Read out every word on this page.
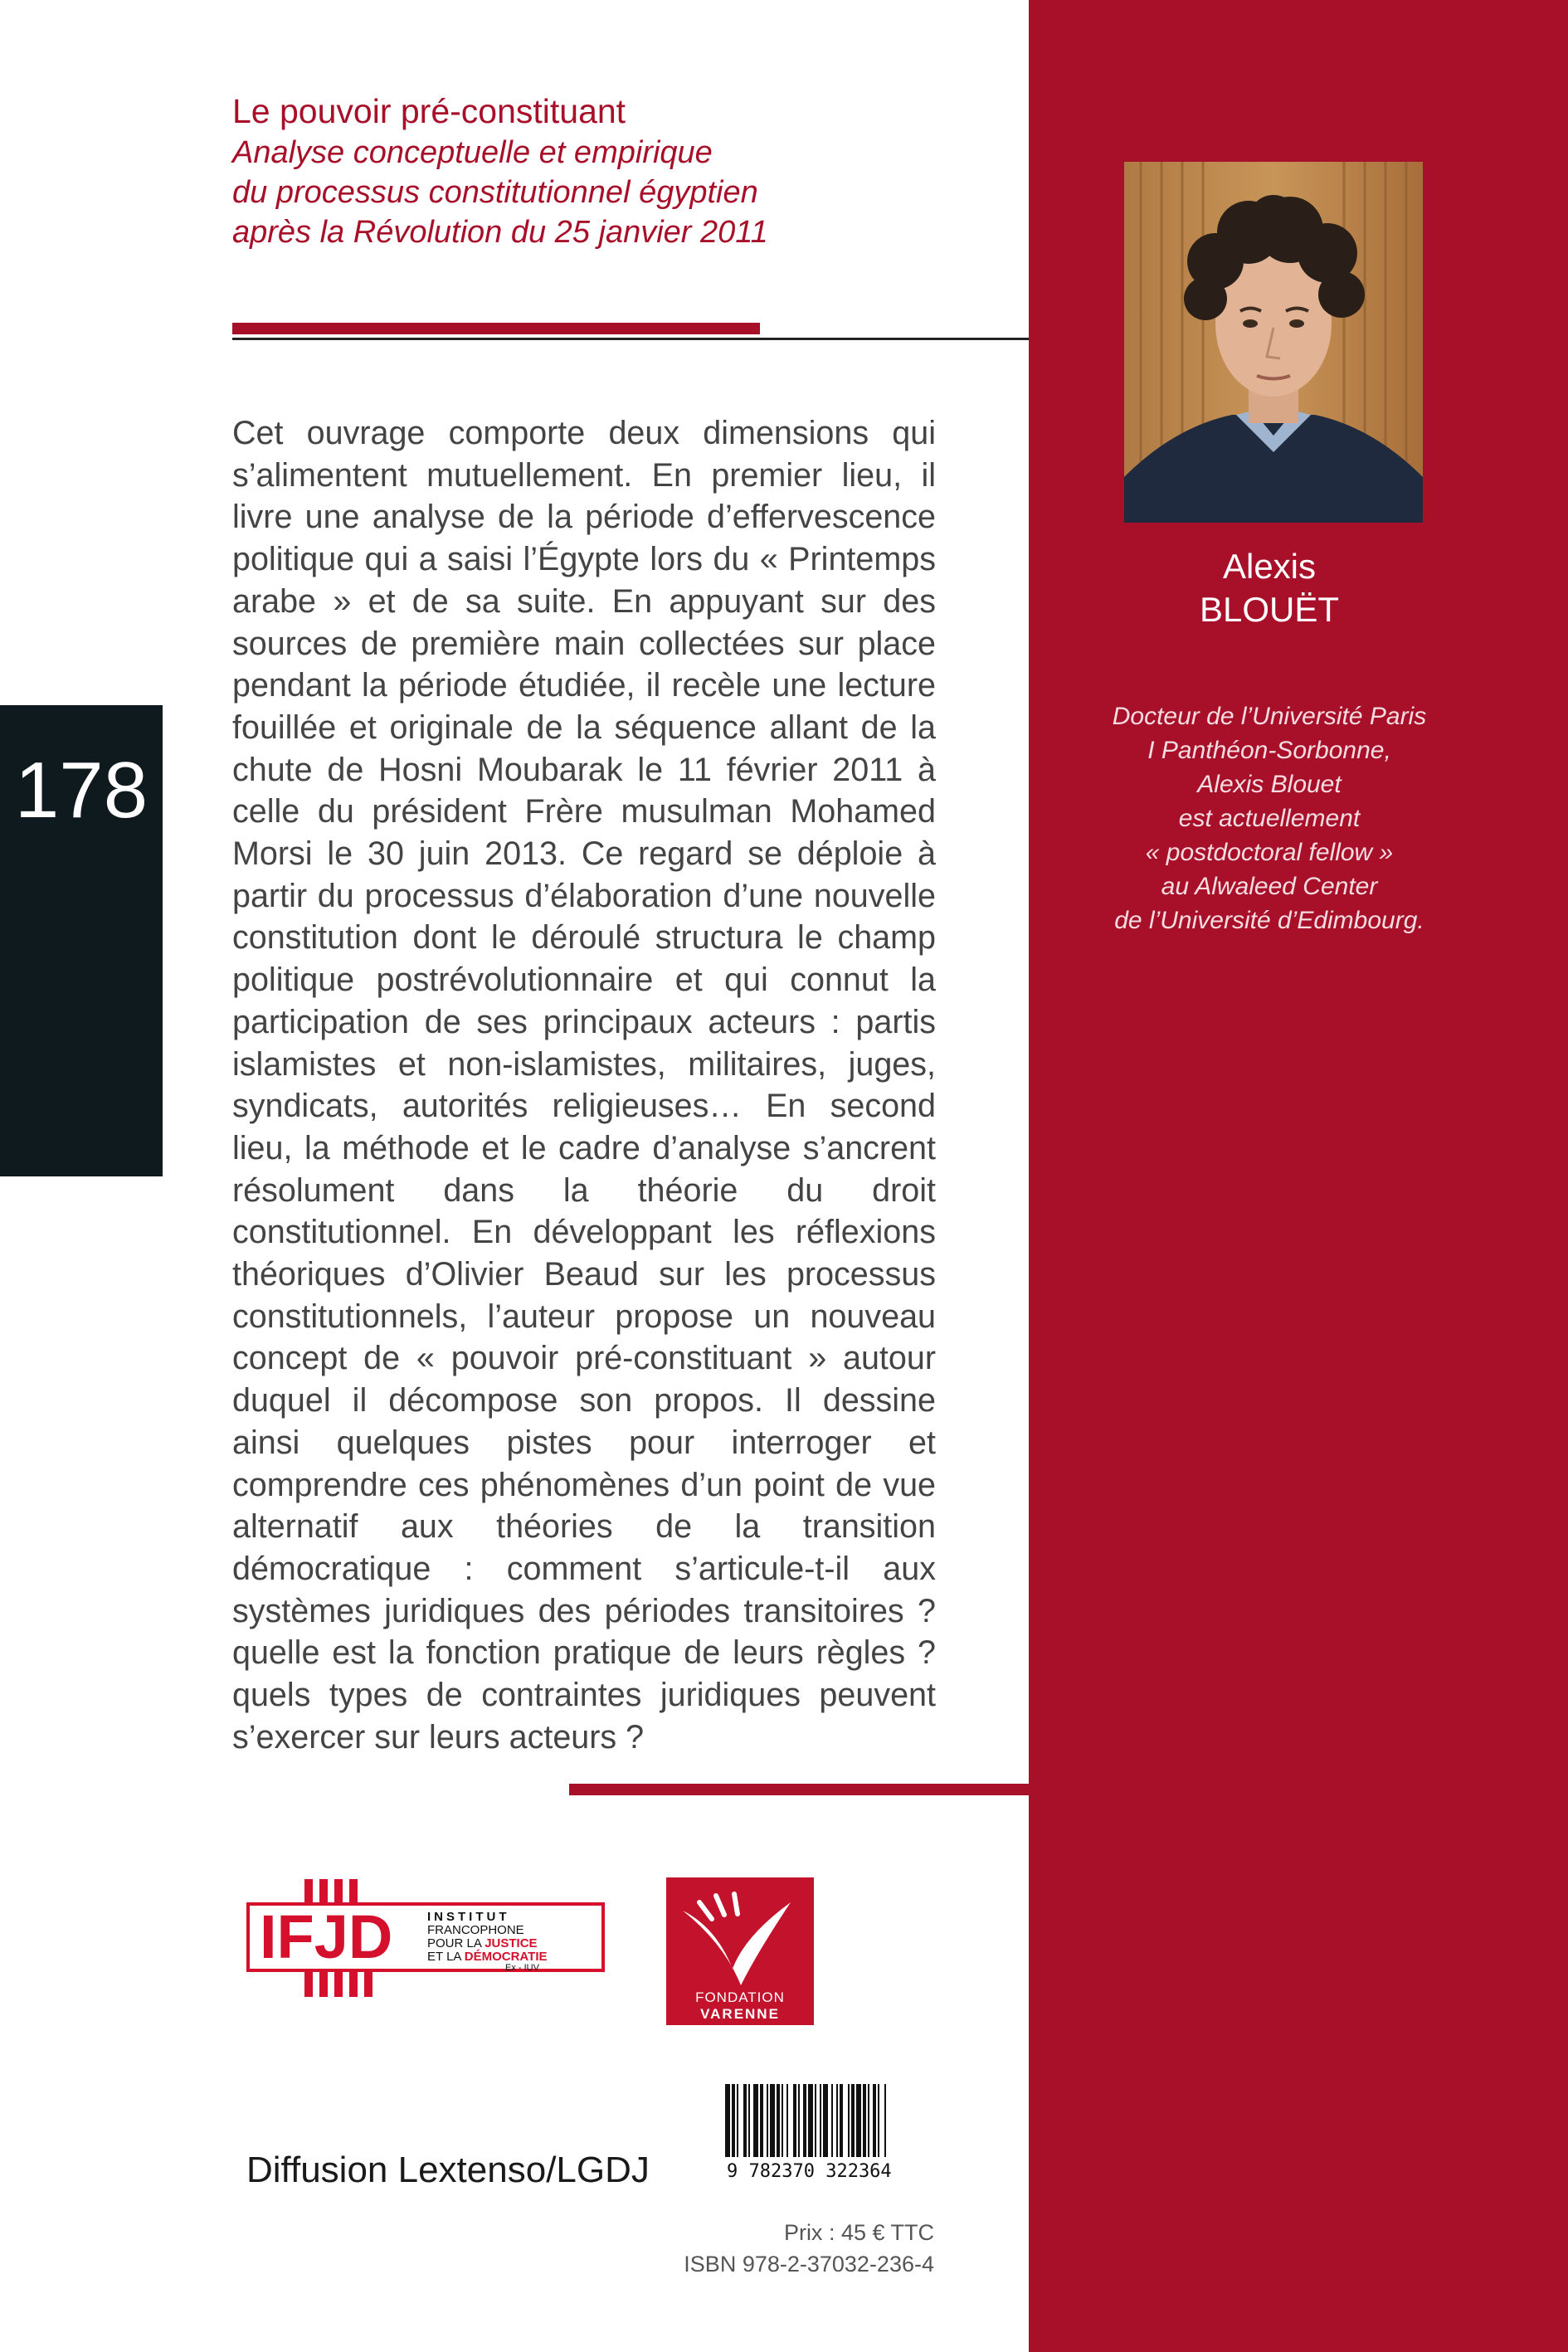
Le pouvoir pré-constituant

Analyse conceptuelle et empirique

du processus constitutionnel égyptien

après la Révolution du 25 janvier 2011

Cet ouvrage comporte deux dimensions qui s’alimentent mutuellement. En premier lieu, il livre une analyse de la période d’effervescence politique qui a saisi l’Égypte lors du « Printemps arabe » et de sa suite. En appuyant sur des sources de première main collectées sur place pendant la période étudiée, il recèle une lecture fouillée et originale de la séquence allant de la chute de Hosni Moubarak le 11 février 2011 à celle du président Frère musulman Mohamed Morsi le 30 juin 2013. Ce regard se déploie à partir du processus d’élaboration d’une nouvelle constitution dont le déroulé structura le champ politique postrévolutionnaire et qui connut la participation de ses principaux acteurs : partis islamistes et non-islamistes, militaires, juges, syndicats, autorités religieuses… En second lieu, la méthode et le cadre d’analyse s’ancrent résolument dans la théorie du droit constitutionnel. En développant les réflexions théoriques d’Olivier Beaud sur les processus constitutionnels, l’auteur propose un nouveau concept de « pouvoir pré-constituant » autour duquel il décompose son propos. Il dessine ainsi quelques pistes pour interroger et comprendre ces phénomènes d’un point de vue alternatif aux théories de la transition démocratique : comment s’articule-t-il aux systèmes juridiques des périodes transitoires ? quelle est la fonction pratique de leurs règles ? quels types de contraintes juridiques peuvent s’exercer sur leurs acteurs ?

178
Alexis
BLOUËT
Docteur de l’Université Paris
I Panthéon-Sorbonne,
Alexis Blouet
est actuellement
« postdoctoral fellow »
au Alwaleed Center
de l’Université d’Edimbourg.
IFJD	INSTITUT
FRANCOPHONE
POUR LA JUSTICE
ET LA DÉMOCRATIE
Ex - IUV
FONDATION
VARENNE
9 782370 322364
Diffusion Lextenso/LGDJ
Prix : 45 € TTC
ISBN 978-2-37032-236-4
